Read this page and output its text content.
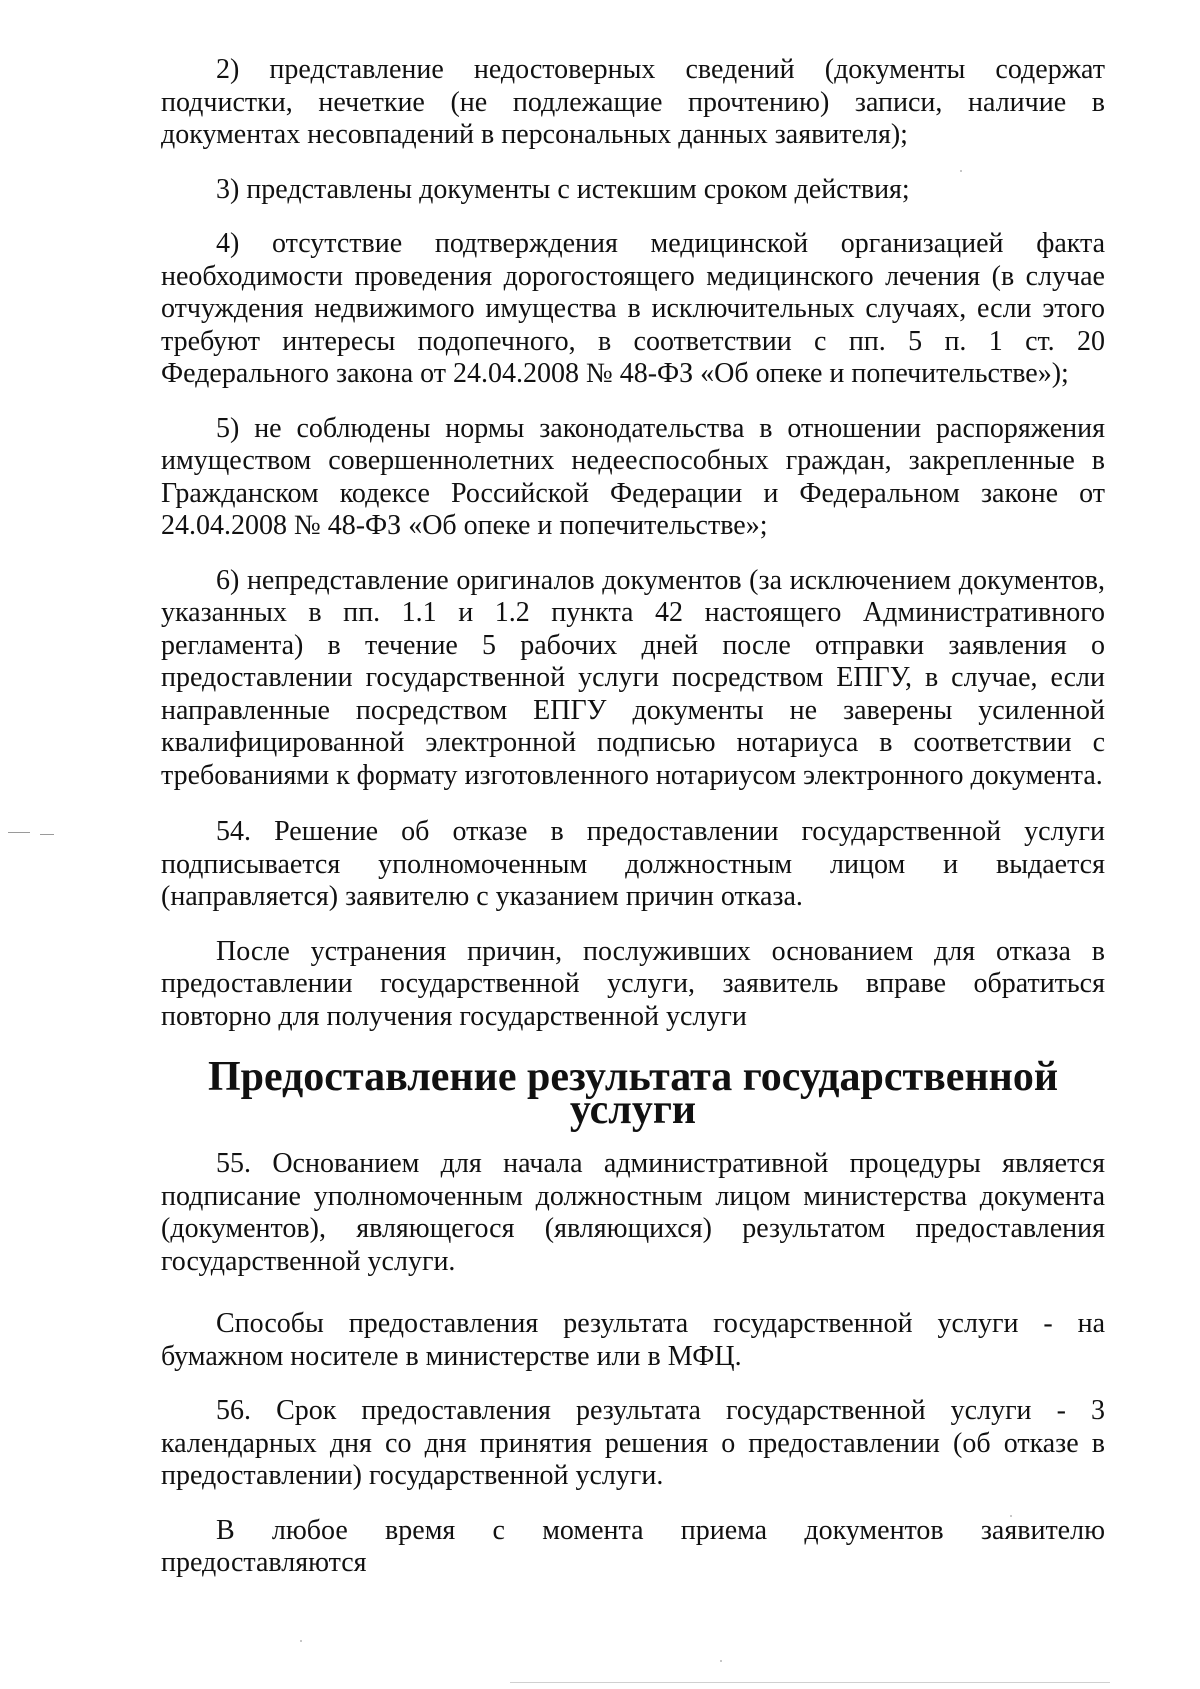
2) представление недостоверных сведений (документы содержат подчистки, нечеткие (не подлежащие прочтению) записи, наличие в документах несовпадений в персональных данных заявителя);

3) представлены документы с истекшим сроком действия;

4) отсутствие подтверждения медицинской организацией факта необходимости проведения дорогостоящего медицинского лечения (в случае отчуждения недвижимого имущества в исключительных случаях, если этого требуют интересы подопечного, в соответствии с пп. 5 п. 1 ст. 20 Федерального закона от 24.04.2008 № 48-ФЗ «Об опеке и попечительстве»);

5) не соблюдены нормы законодательства в отношении распоряжения имуществом совершеннолетних недееспособных граждан, закрепленные в Гражданском кодексе Российской Федерации и Федеральном законе от 24.04.2008 № 48-ФЗ «Об опеке и попечительстве»;

6) непредставление оригиналов документов (за исключением документов, указанных в пп. 1.1 и 1.2 пункта 42 настоящего Административного регламента) в течение 5 рабочих дней после отправки заявления о предоставлении государственной услуги посредством ЕПГУ, в случае, если направленные посредством ЕПГУ документы не заверены усиленной квалифицированной электронной подписью нотариуса в соответствии с требованиями к формату изготовленного нотариусом электронного документа.

54. Решение об отказе в предоставлении государственной услуги подписывается уполномоченным должностным лицом и выдается (направляется) заявителю с указанием причин отказа.

После устранения причин, послуживших основанием для отказа в предоставлении государственной услуги, заявитель вправе обратиться повторно для получения государственной услуги

Предоставление результата государственной услуги

55. Основанием для начала административной процедуры является подписание уполномоченным должностным лицом министерства документа (документов), являющегося (являющихся) результатом предоставления государственной услуги.

Способы предоставления результата государственной услуги - на бумажном носителе в министерстве или в МФЦ.

56. Срок предоставления результата государственной услуги - 3 календарных дня со дня принятия решения о предоставлении (об отказе в предоставлении) государственной услуги.

В любое время с момента приема документов заявителю предоставляются
